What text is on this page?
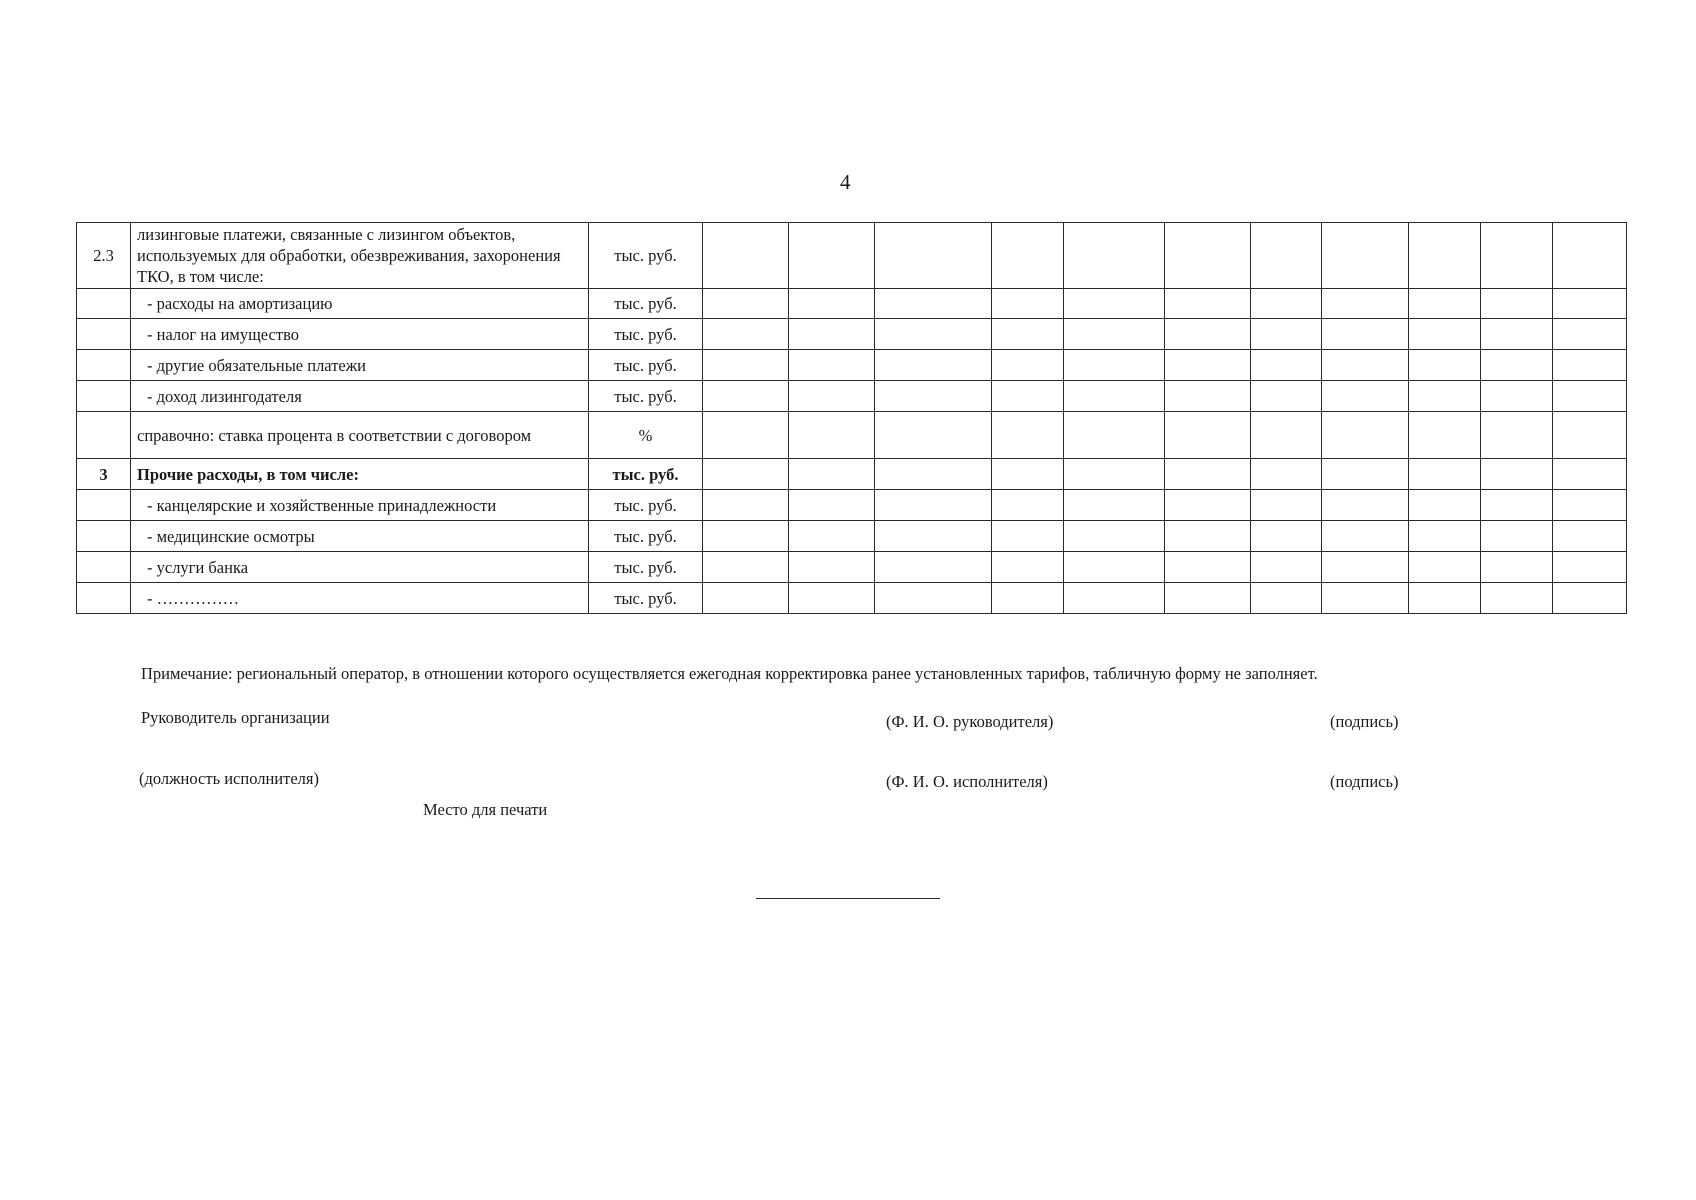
4
2.3	лизинговые платежи, связанные с лизингом объектов, используемых для обработки, обезвреживания, захоронения ТКО, в том числе:	тыс. руб.											
	- расходы на амортизацию	тыс. руб.											
	- налог на имущество	тыс. руб.											
	- другие обязательные платежи	тыс. руб.											
	- доход лизингодателя	тыс. руб.											
	справочно: ставка процента в соответствии с договором	%											
3	Прочие расходы, в том числе:	тыс. руб.											
	- канцелярские и хозяйственные принадлежности	тыс. руб.											
	- медицинские осмотры	тыс. руб.											
	- услуги банка	тыс. руб.											
	- ……………	тыс. руб.											
Примечание: региональный оператор, в отношении которого осуществляется ежегодная корректировка ранее установленных тарифов, табличную форму не заполняет.
Руководитель организации	(Ф. И. О. руководителя)	(подпись)
(должность исполнителя)	(Ф. И. О. исполнителя)	(подпись)
Место для печати
